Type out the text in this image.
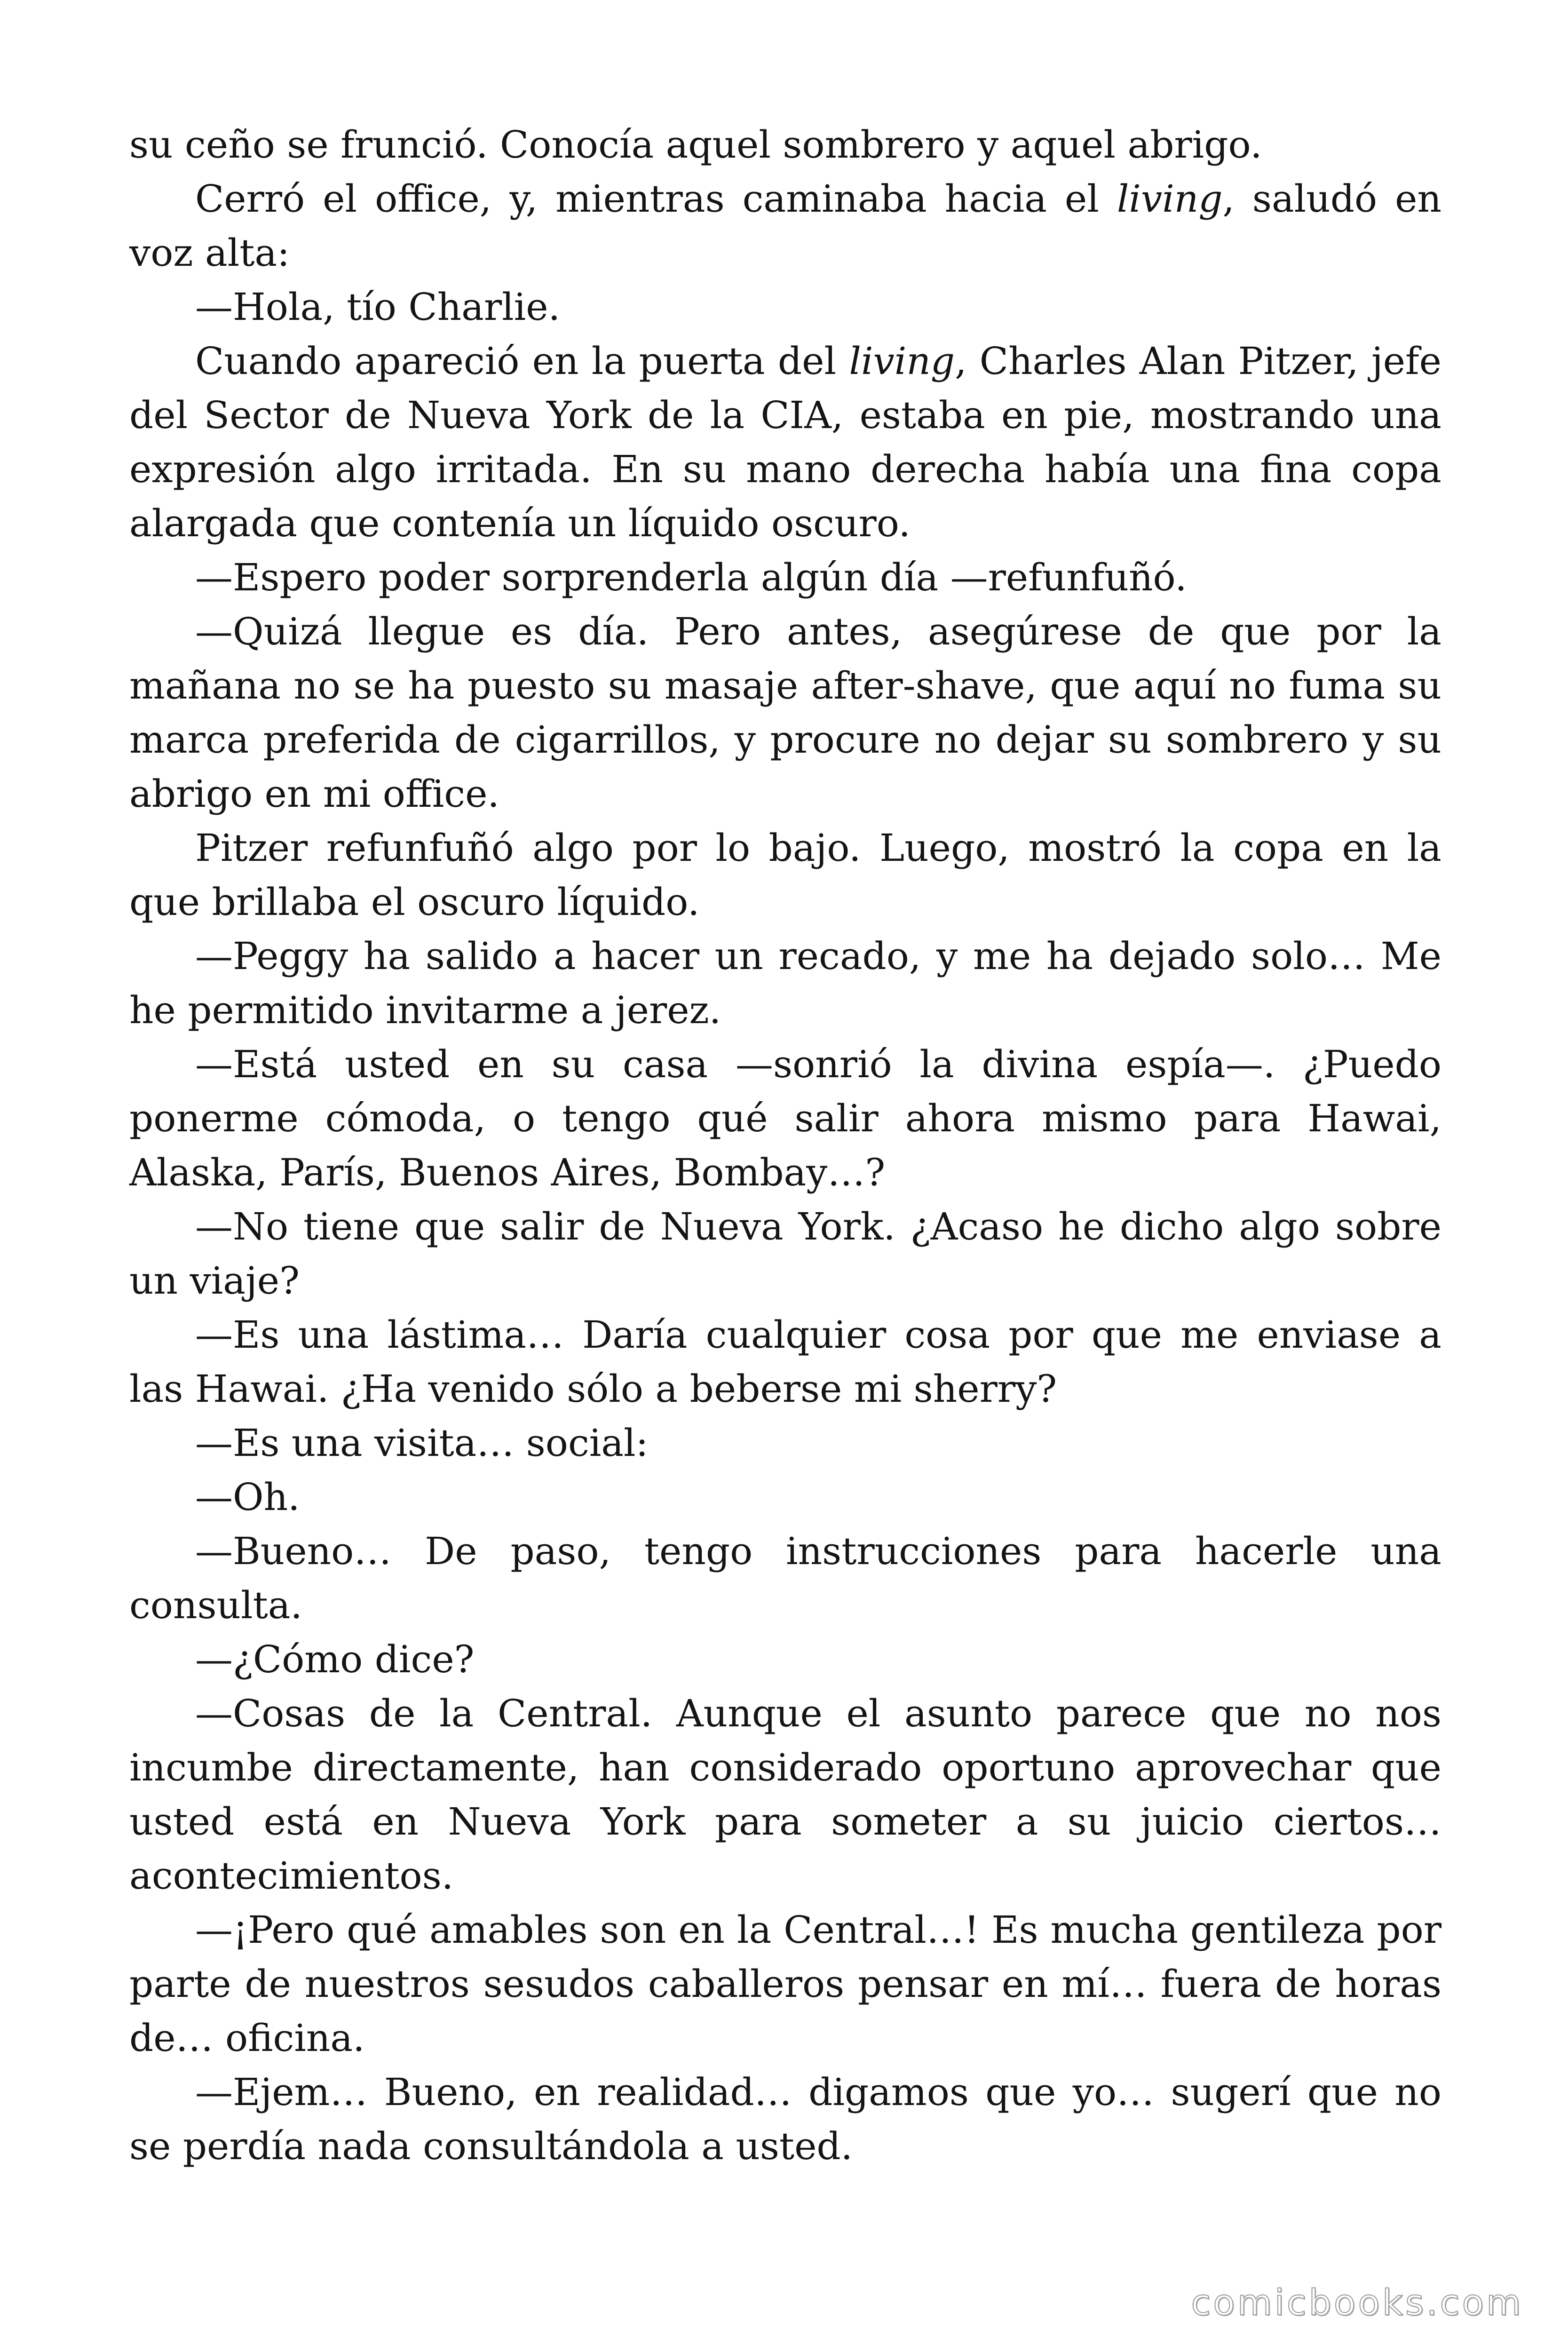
su ceño se frunció. Conocía aquel sombrero y aquel abrigo.

Cerró el office, y, mientras caminaba hacia el living, saludó en voz alta:

—Hola, tío Charlie.

Cuando apareció en la puerta del living, Charles Alan Pitzer, jefe del Sector de Nueva York de la CIA, estaba en pie, mostrando una expresión algo irritada. En su mano derecha había una fina copa alargada que contenía un líquido oscuro.

—Espero poder sorprenderla algún día —refunfuñó.

—Quizá llegue es día. Pero antes, asegúrese de que por la mañana no se ha puesto su masaje after-shave, que aquí no fuma su marca preferida de cigarrillos, y procure no dejar su sombrero y su abrigo en mi office.

Pitzer refunfuñó algo por lo bajo. Luego, mostró la copa en la que brillaba el oscuro líquido.

—Peggy ha salido a hacer un recado, y me ha dejado solo… Me he permitido invitarme a jerez.

—Está usted en su casa —sonrió la divina espía—. ¿Puedo ponerme cómoda, o tengo qué salir ahora mismo para Hawai, Alaska, París, Buenos Aires, Bombay…?

—No tiene que salir de Nueva York. ¿Acaso he dicho algo sobre un viaje?

—Es una lástima… Daría cualquier cosa por que me enviase a las Hawai. ¿Ha venido sólo a beberse mi sherry?

—Es una visita… social:

—Oh.

—Bueno… De paso, tengo instrucciones para hacerle una consulta.

—¿Cómo dice?

—Cosas de la Central. Aunque el asunto parece que no nos incumbe directamente, han considerado oportuno aprovechar que usted está en Nueva York para someter a su juicio ciertos… acontecimientos.

—¡Pero qué amables son en la Central…! Es mucha gentileza por parte de nuestros sesudos caballeros pensar en mí… fuera de horas de… oficina.

—Ejem… Bueno, en realidad… digamos que yo… sugerí que no se perdía nada consultándola a usted.

comicbooks.com
